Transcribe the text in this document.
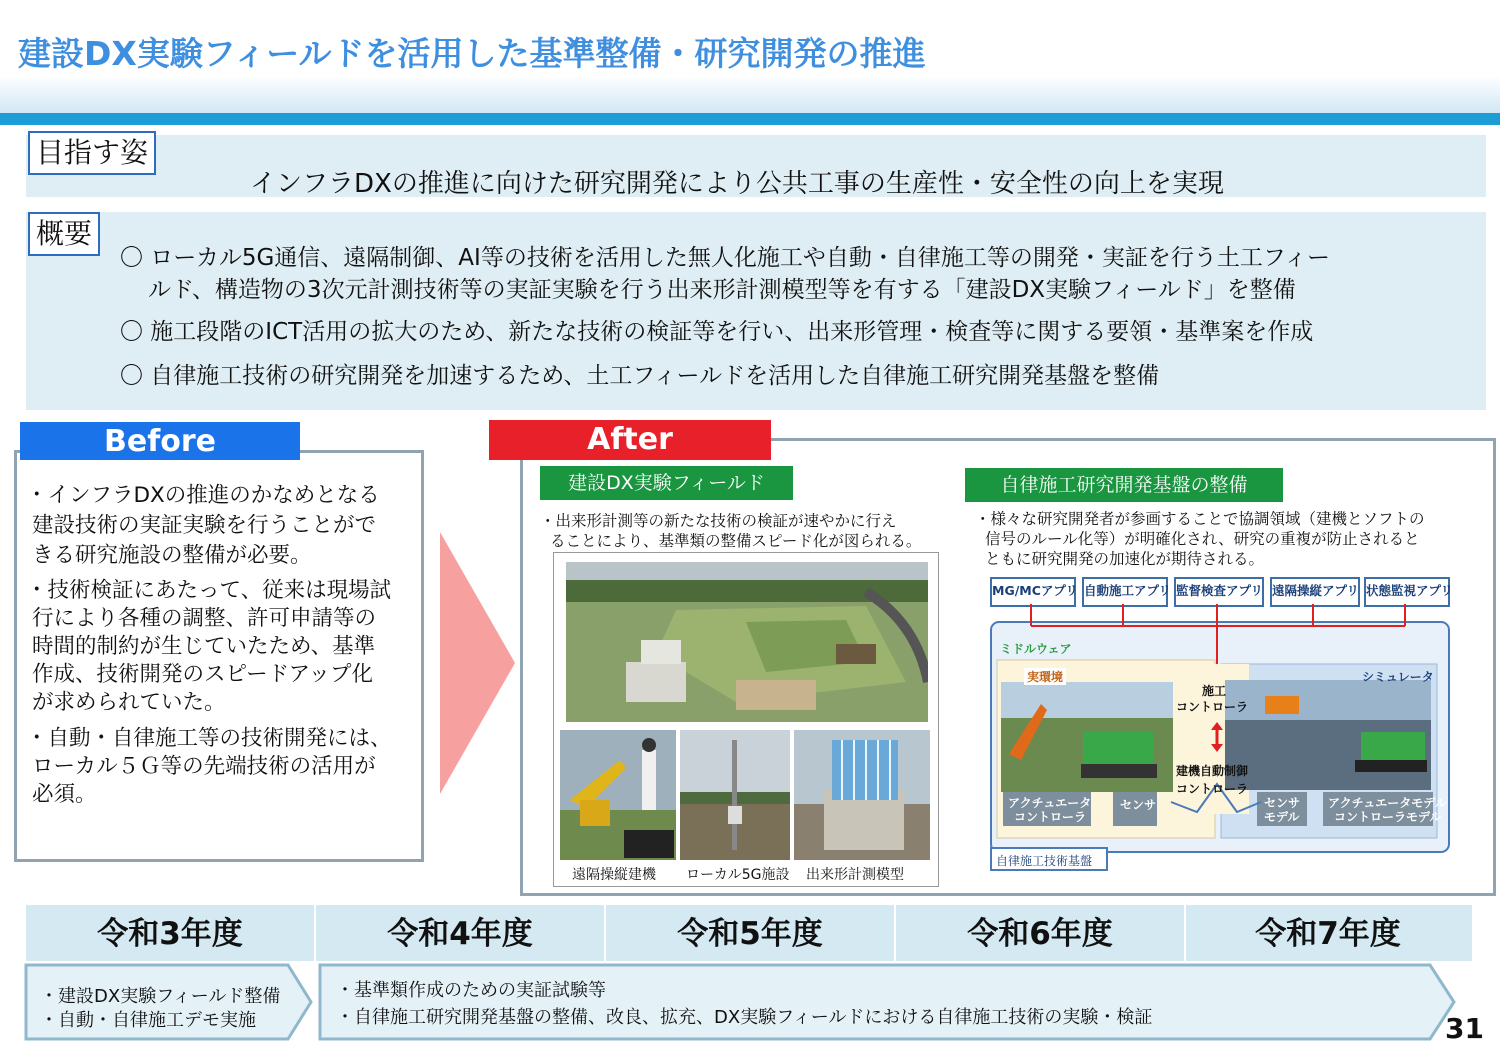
建設DX実験フィールドを活用した基準整備・研究開発の推進
目指す姿
インフラDXの推進に向けた研究開発により公共工事の生産性・安全性の向上を実現
概要
〇 ローカル5G通信、遠隔制御、AI等の技術を活用した無人化施工や自動・自律施工等の開発・実証を行う土工フィー
ルド、構造物の3次元計測技術等の実証実験を行う出来形計測模型等を有する「建設DX実験フィールド」を整備
〇 施工段階のICT活用の拡大のため、新たな技術の検証等を行い、出来形管理・検査等に関する要領・基準案を作成
〇 自律施工技術の研究開発を加速するため、土工フィールドを活用した自律施工研究開発基盤を整備
Before
・インフラDXの推進のかなめとなる
建設技術の実証実験を行うことがで
きる研究施設の整備が必要。
・技術検証にあたって、従来は現場試
行により各種の調整、許可申請等の
時間的制約が生じていたため、基準
作成、技術開発のスピードアップ化
が求められていた。
・自動・自律施工等の技術開発には、
ローカル５Ｇ等の先端技術の活用が
必須。
After
建設DX実験フィールド
・出来形計測等の新たな技術の検証が速やかに行え
ることにより、基準類の整備スピード化が図られる。
遠隔操縦建機 ローカル5G施設 出来形計測模型
自律施工研究開発基盤の整備
・様々な研究開発者が参画することで協調領域（建機とソフトの
信号のルール化等）が明確化され、研究の重複が防止されると
ともに研究開発の加速化が期待される。
MG/MCアプリ 自動施工アプリ 監督検査アプリ 遠隔操縦アプリ 状態監視アプリ
ミドルウェア
実環境	シミュレータ
施工
コントローラ
建機自動制御
コントローラ
アクチュエータ
コントローラ
センサ	センサ
モデル
アクチュエータモデル
コントローラモデル
自律施工技術基盤
令和3年度	令和4年度	令和5年度	令和6年度	令和7年度
・建設DX実験フィールド整備
・自動・自律施工デモ実施
・基準類作成のための実証試験等
・自律施工研究開発基盤の整備、改良、拡充、DX実験フィールドにおける自律施工技術の実験・検証	31
